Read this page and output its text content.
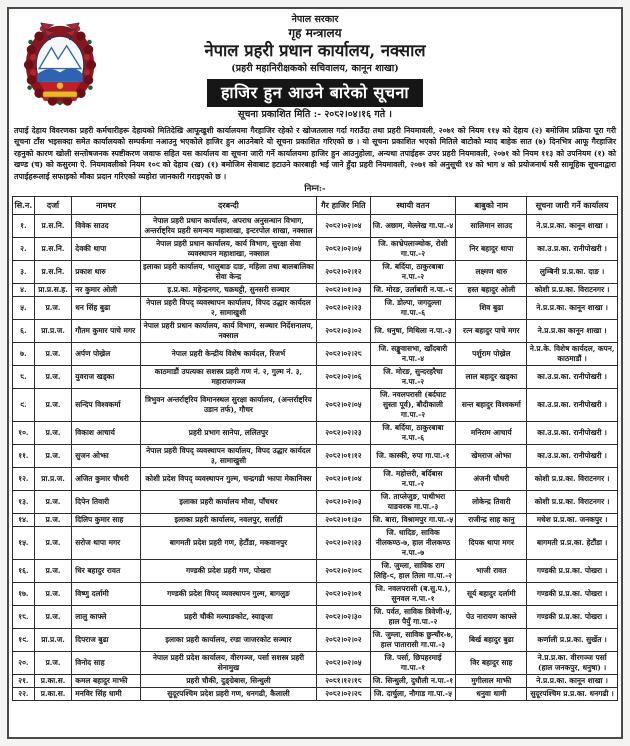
नेपाल सरकार
गृह मन्त्रालय
नेपाल प्रहरी प्रधान कार्यालय, नक्साल
(प्रहरी महानिरीक्षकको सचिवालय, कानून शाखा)
हाजिर हुन आउने बारेको सूचना
सूचना प्रकाशित मिति :- २०८२।०४।१६ गते ।

तपाई देहाय विवरणका प्रहरी कर्मचारीहरू देहायको मितिदेखि आफूखुशी कार्यालयमा गैरहाजिर रहेको र खोजतलास गर्दा गराउँदा तथा प्रहरी नियमावली, २०७१ को नियम ११५ को देहाय (२) बमोजिम प्रक्रिया पूरा गरी सूचना टाँस भइसक्दा समेत कार्यालयको सम्पर्कमा नआउनु भएकोले हाजिर हुन आउनेबारे यो सूचना प्रकाशित गरिएको छ । यो सूचना प्रकाशित भएको मितिले बाटोको म्याद बाहेक सात (७) दिनभित्र आफू गैरहाजिर रहनुको कारण खोली सन्तोषजनक स्पष्टीकरण जवाफ सहित यस कार्यालय वा सूचना जारी गर्ने कार्यालयमा हाजिर हुन आउनुहोला, अन्यथा तपाईहरू उपर प्रहरी नियमावली, २०७१ को नियम ११३ को उपनियम (१) को खण्ड (च) को कसुरमा ऐ. नियमावलीको नियम १०९ को देहाय (ख) (१) बमोजिम सेवाबाट हटाउने कारबाही भई जाने हुँदा प्रहरी नियमावली, २०७१ को अनुसूची १४ को भाग ४ को प्रयोजनार्थ यसै सामूहिक सूचनाद्वारा तपाईहरूलाई सफाइको मौका प्रदान गरिएको व्यहोरा जानकारी गराइएको छ ।

निम्न:-
सि.न.	दर्जा	नामथर	दरबन्दी	गैर हाजिर मिति	स्थायी वतन	बाबुको नाम	सूचना जारी गर्ने कार्यालय
१.	प्र.स.नि.	विवेक साउद	नेपाल प्रहरी प्रधान कार्यालय, अपराध अनुसन्धान विभाग, अन्तर्राष्ट्रिय प्रहरी समन्वय महाशाखा, इन्टरपोल शाखा, नक्साल	२०८२।०२।०४	जि. अछाम, मेल्लेख गा.पा.-४	सालिमान साउद	ने.प्र.प्र.का. कानून शाखा ।
२.	प्र.स.नि.	देवकी थापा	नेपाल प्रहरी प्रधान कार्यालय, कार्य विभाग, सुरक्षा सेवा व्यवस्थापन महाशाखा, नक्साल	२०८२।०२।०५	जि. काभ्रेपलाञ्चोक, रोशी गा.पा.-२	निर बहादुर थापा	का.उ.प्र.का. रानीपोखरी ।
३.	प्र.स.नि.	प्रकाश थारु	इलाका प्रहरी कार्यालय, भालुबाङ दाङ, महिला तथा बालबालिका सेवा केन्द्र	२०८२।०२।१२	जि. बर्दिया, ठाकुरबाबा न.पा.-२	लक्ष्मण थारु	लुम्बिनी प्र.प्र.का. दाङ ।
४.	प्रा.प्र.स.ह.	नर कुमार ओली	इ.प्र.का. महेन्द्रनगर, चक्रघट्टी, सुनसरी सञ्चार	२०८२।०१।०३	जि. मोरङ, उर्लाबारी न.पा.-९	हस्त बहादुर ओली	कोशी प्र.प्र.का. विराटनगर ।
५.	प्र.ज.	धन सिंह बुढा	नेपाल प्रहरी विपद् व्यवस्थापन कार्यालय, विपद उद्धार कार्यदल २, सामाखुशी	२०८२।०२।२३	जि. डोल्पा, जगदुल्ला गा.पा.-६	शिव बुढा	ने.प्र.प्र.का. कानून शाखा ।
६.	प्रा.प्र.ज.	गौतम कुमार पाचे मगर	नेपाल प्रहरी प्रधान कार्यालय, कार्य विभाग, सञ्चार निर्देशनालय, नक्साल	२०८२।०३।०२	जि. धनुषा, मिथिला न.पा.-३	रत्न बहादुर पाचे मगर	ने.प्र.प्र.का कानून शाखा ।
७.	प्र.ज.	अर्पण पोख्रेल	नेपाल प्रहरी केन्द्रीय विशेष कार्यदल, रिजर्भ	२०८२।०२।२८	जि. सङ्खुवासभा, खाँदबारी न.पा.-४	पर्शुराम पोख्रेल	ने.प्र.के. विशेष कार्यदल, कपन, काठमाडौं ।
८.	प्र.ज.	युवराज खड्का	काठमाडौं उपत्यका सशस्त्र प्रहरी गण नं. २, गुल्म नं. ३, महाराजगञ्ज	२०८२।०२।०६	जि. मोरङ, सुन्दरहरैचा न.पा.-२	लाल बहादुर खड्का	का.उ.प्र.का. रानीपोखरी ।
९.	प्र.ज.	सन्दिप विश्वकर्मा	त्रिभुवन अन्तर्राष्ट्रिय विमानस्थल सुरक्षा कार्यालय, (अन्तर्राष्ट्रिय उडान तर्फ), गौचर	२०८२।०२।०५	जि. नवलपरासी (बर्दघाट सुस्ता पूर्व), बौदीकाली गा.पा.-२	सन्त बहादुर विश्वकर्मा	का.उ.प्र.का. रानीपोखरी ।
१०.	प्र.ज.	विकाश आचार्य	प्रहरी प्रभाग सानेपा, ललितपुर	२०८२।०२।२३	जि. बर्दिया, ठाकुरबाबा न.पा.-६	मनिराम आचार्य	का.उ.प्र.का. रानीपोखरी ।
११.	प्र.ज.	सुजन ओझा	नेपाल प्रहरी विपद् व्यवस्थापन कार्यालय, विपद उद्धार कार्यदल ३, सामाखुसी	२०८२।०१।१२	जि. कास्की, रुपा गा.पा.-१	खेमराज ओझा	का.उ.प्र.का. रानीपोखरी ।
१२.	प्रा.प्र.ज.	अजित कुमार चौधरी	कोशी प्रदेश विपद् व्यवस्थापन गुल्म, चन्द्रगढी झापा मेकानिक्स	२०८२।०१।०४	जि. महोत्तरी, बर्दिबास न.पा.-२	अंजनी चौधरी	कोशी प्र.प्र.का. विराटनगर ।
१३.	प्र.ज.	दिपेन तिवारी	इलाका प्रहरी कार्यालय मौवा, पाँचथर	२०८२।०२।०३	जि. ताप्लेजुङ, पाथीभरा याङवरक गा.पा.-३	लोकेन्द्र तिवारी	कोशी प्र.प्र.का. विराटनगर ।
१४.	प्र.ज.	दिलिप कुमार साह	इलाका प्रहरी कार्यालय, नवलपुर, सर्लाही	२०८२।०१।३०	जि. बारा, विश्रामपुर गा.पा.-५	राजीन्द्र साह कानु	मधेश प्र.प्र.का. जनकपुर ।
१५.	प्र.ज.	सरोज थापा मगर	बागमती प्रदेश प्रहरी गण, हेटौंडा, मकवानपुर	२०८२।०२।२३	जि. धादिङ, साविक नीलकण्ठ-७, हाल नीलकण्ठ न.पा.-७	दिपक थापा मगर	बागमती प्र.प्र.का. हेटौंडा ।
१६.	प्र.ज.	धिर बहादुर रावत	गण्डकी प्रदेश प्रहरी गण, पोखरा	२०८२।०२।०९	जि. जुम्ला, साविक राग लिहि-९, हाल तिला गा.पा.-२	भाजी रावत	गण्डकी प्र.प्र.का. पोखरा ।
१७.	प्र.ज.	विष्णु दर्लामी	गण्डकी प्रदेश विपद् व्यवस्थापन गुल्म, बागलुङ	२०८२।०२।०१	जि. नवलपरासी (ब.सु.प.), सुनवल न.पा.-१	सूर्य बहादुर दर्लामी	गण्डकी प्र.प्र.का. पोखरा ।
१८.	प्र.ज.	लालु काफ्ले	प्रहरी चौकी मल्याङकोट, स्याङ्जा	२०८२।०२।३०	जि. पर्वत, साविक त्रिवेणी-५, हाल पैयुँ गा.पा.-२	पेउ नारायण काफ्ले	गण्डकी प्र.प्र.का. पोखरा ।
१९.	प्रा.प्र.ज.	दिपराज बुढा	इलाका प्रहरी कार्यालय, रग्डा जाजरकोट सञ्चार	२०८२।०२।०२	जि. जुम्ला, साविक छुन्चौर-७, हाल पातारासी गा.पा.-३	बिर्ख बहादुर बुढा	कर्णाली प्र.प्र.का. सुर्खेत ।
२०.	प्र.ज.	विनोद साह	नेपाल प्रहरी प्रदेश कार्यालय, वीरगञ्ज, पर्सा सशस्त्र प्रहरी सेनामुख	२०८२।०२।०५	जि. पर्सा, छिपहरमाई गा.पा.-१	विर बहादुर साह	ने.प्र.प्र.का. वीरगञ्ज पर्सा (हाल जनकपुर, धनुषा) ।
२१.	प्र.का.स.	कमल बहादुर माझी	प्रहरी चौकी, दुङ्ग्रेबास, सिन्धुली	२०८१।१२।१८	जि. सिन्धुली, दुधौली न.पा.-१	मुगीलाल माझी	ने.प्र.प्र.का. कानून शाखा ।
२२.	प्र.का.स.	मनविर सिंह धामी	सुदूरपश्चिम प्रदेश प्रहरी गण, धनगढी, कैलाली	२०८२।०२।२८	जि. दार्चुला, नौगाड गा.पा.-५	धनुवा धामी	सुदूरपश्चिम प्र.प्र.का. धनगढी ।
